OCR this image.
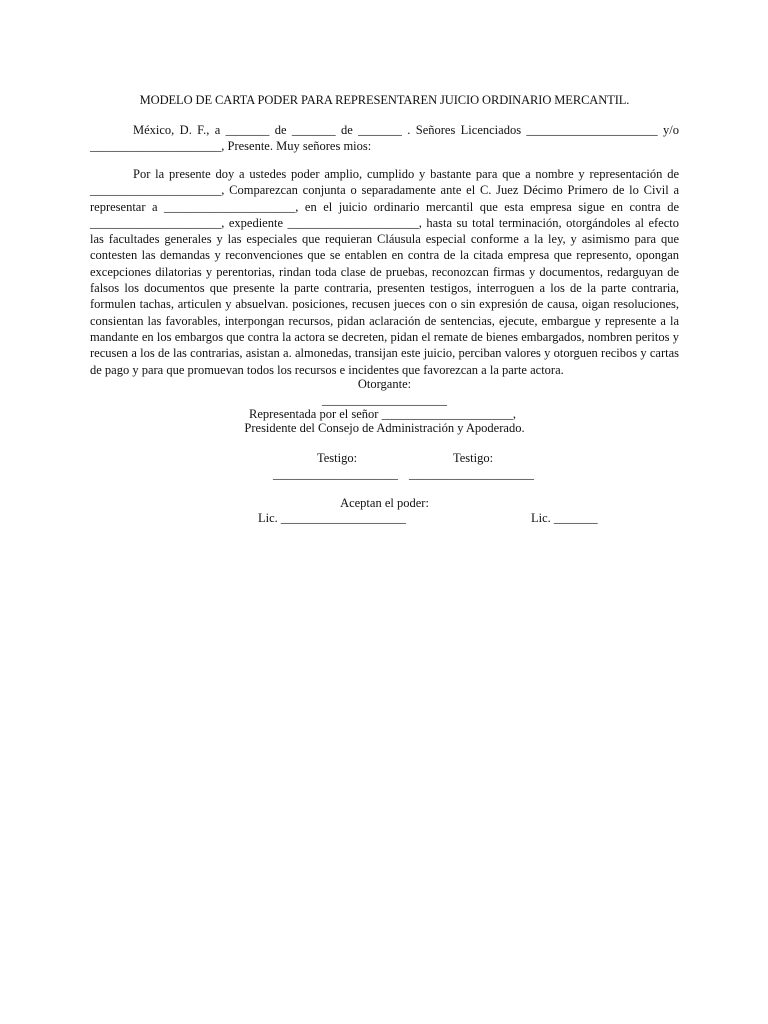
MODELO DE CARTA PODER PARA REPRESENTAREN JUICIO ORDINARIO MERCANTIL.

México, D. F., a _______ de _______ de _______ . Señores Licenciados _____________________ y/o _____________________, Presente. Muy señores mios:

Por la presente doy a ustedes poder amplio, cumplido y bastante para que a nombre y representación de _____________________, Comparezcan conjunta o separadamente ante el C. Juez Décimo Primero de lo Civil a representar a _____________________, en el juicio ordinario mercantil que esta empresa sigue en contra de _____________________, expediente _____________________, hasta su total terminación, otorgándoles al efecto las facultades generales y las especiales que requieran Cláusula especial conforme a la ley, y asimismo para que contesten las demandas y reconvenciones que se entablen en contra de la citada empresa que represento, opongan excepciones dilatorias y perentorias, rindan toda clase de pruebas, reconozcan firmas y documentos, redarguyan de falsos los documentos que presente la parte contraria, presenten testigos, interroguen a los de la parte contraria, formulen tachas, articulen y absuelvan. posiciones, recusen jueces con o sin expresión de causa, oigan resoluciones, consientan las favorables, interpongan recursos, pidan aclaración de sentencias, ejecute, embargue y represente a la mandante en los embargos que contra la actora se decreten, pidan el remate de bienes embargados, nombren peritos y recusen a los de las contrarias, asistan a. almonedas, transijan este juicio, perciban valores y otorguen recibos y cartas de pago y para que promuevan todos los recursos e incidentes que favorezcan a la parte actora.

Otorgante:
____________________
Representada por el señor _____________________,
Presidente del Consejo de Administración y Apoderado.
Testigo:	Testigo:
____________________ ____________________
Aceptan el poder:
Lic. ____________________	Lic. _______
